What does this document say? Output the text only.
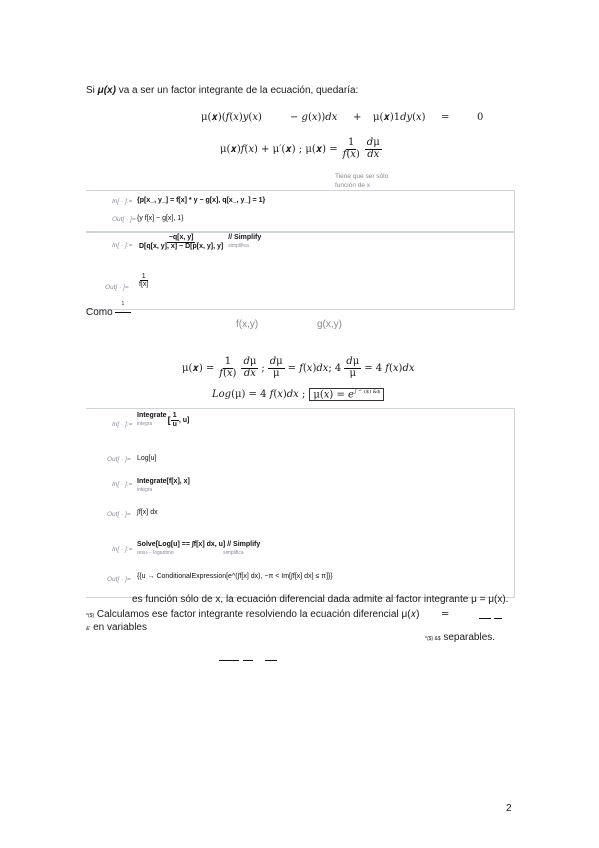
Si μ(x) va a ser un factor integrante de la ecuación, quedaría:
μ(𝒙)(𝑓(𝑥)𝑦(𝑥)	− 𝑔(𝑥))𝑑𝑥 + μ(𝒙)1𝑑𝑦(𝑥) =	0
μ(𝒙)𝑓(𝑥) + μ′(𝒙) ; μ(𝒙) = $\frac{1}{\text{𝑓(𝑥)}} \frac{\text{𝑑μ}}{\text{𝑑𝑥}}$
Tiene que ser sólo
función de x
In[ · ]:= {p[x_, y_] = f[x] * y − g[x], q[x_, y_] = 1}
Out[ · ]= {y f[x] − g[x], 1}
In[ · ]:= $\frac{-q[x, y]}{D[q[x, y], x] - D[p[x, y], y]}$ // Simplify
simplifica
Out[ · ]= $\frac{1}{f[x]}$
Como
1
f(x,y)	g(x,y)
μ(𝒙) = $\frac{1}{\text{𝑓(𝑥)}} \frac{\text{𝑑μ}}{\text{𝑑𝑥}}$ ; $\frac{\text{𝑑μ}}{\mu}$ = 𝑓(𝑥)𝑑𝑥; $4 \frac{\text{𝑑μ}}{\mu} = 4$ 𝑓(𝑥)𝑑𝑥
𝐿𝑜𝑔(μ) = 4 𝑓(𝑥)𝑑𝑥 ; μ(𝑥) = 𝑒∫ ^ ($) &$
In[ · ]:=
Integrate
integra	[ $\frac{1}{u}$ , u]
Out[ · ]= Log[u]
In[ · ]:= Integrate[f[x], x]
integra
Out[ · ]= ∫f[x] dx
In[ · ]:=
Solve[Log[u] == ∫f[x] dx, u] // Simplify
resu··· logaritmo	simplifica
Out[ · ]= {{u → ConditionalExpression[e^(∫f[x] dx), −π < Im[∫f[x] dx] ≤ π]}}
es función sólo de x, la ecuación diferencial dada admite al factor integrante μ = μ(x).
*($) Calculamos ese factor integrante resolviendo la ecuación diferencial μ(𝑥) =
&' en variables
*($) &$ separables.
2
